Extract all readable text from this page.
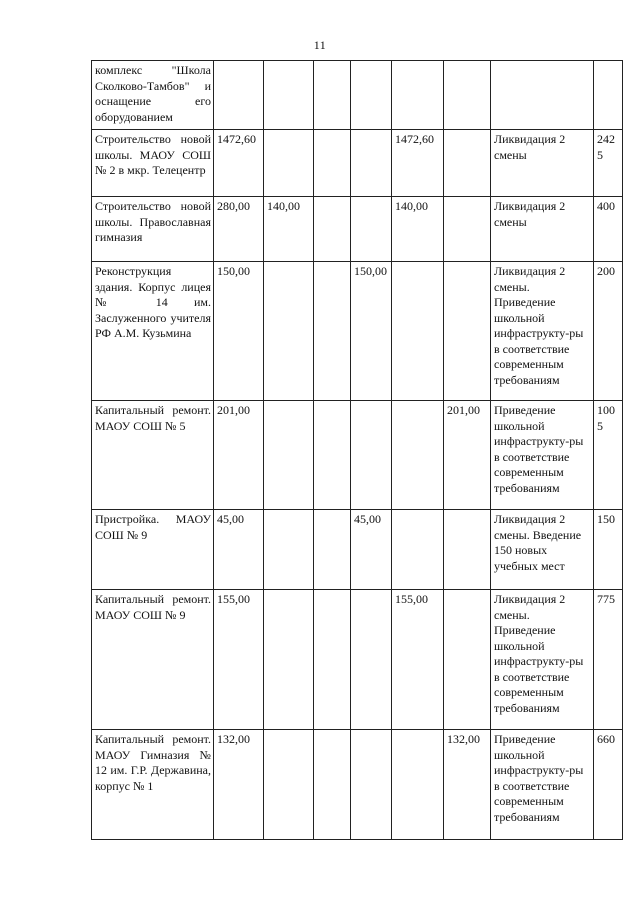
11
комплекс "Школа Сколково-Тамбов" и оснащение его оборудованием								
Строительство новой школы. МАОУ СОШ № 2 в мкр. Телецентр	1472,60				1472,60		Ликвидация 2 смены	2425
Строительство новой школы. Православная гимназия	280,00	140,00			140,00		Ликвидация 2 смены	400
Реконструкция здания. Корпус лицея № 14 им. Заслуженного учителя РФ А.М. Кузьмина	150,00			150,00			Ликвидация 2 смены. Приведение школьной инфраструкту-ры в соответствие современным требованиям	200
Капитальный ремонт. МАОУ СОШ № 5	201,00					201,00	Приведение школьной инфраструкту-ры в соответствие современным требованиям	1005
Пристройка. МАОУ СОШ № 9	45,00			45,00			Ликвидация 2 смены. Введение 150 новых учебных мест	150
Капитальный ремонт. МАОУ СОШ № 9	155,00				155,00		Ликвидация 2 смены. Приведение школьной инфраструкту-ры в соответствие современным требованиям	775
Капитальный ремонт. МАОУ Гимназия № 12 им. Г.Р. Державина, корпус № 1	132,00					132,00	Приведение школьной инфраструкту-ры в соответствие современным требованиям	660
